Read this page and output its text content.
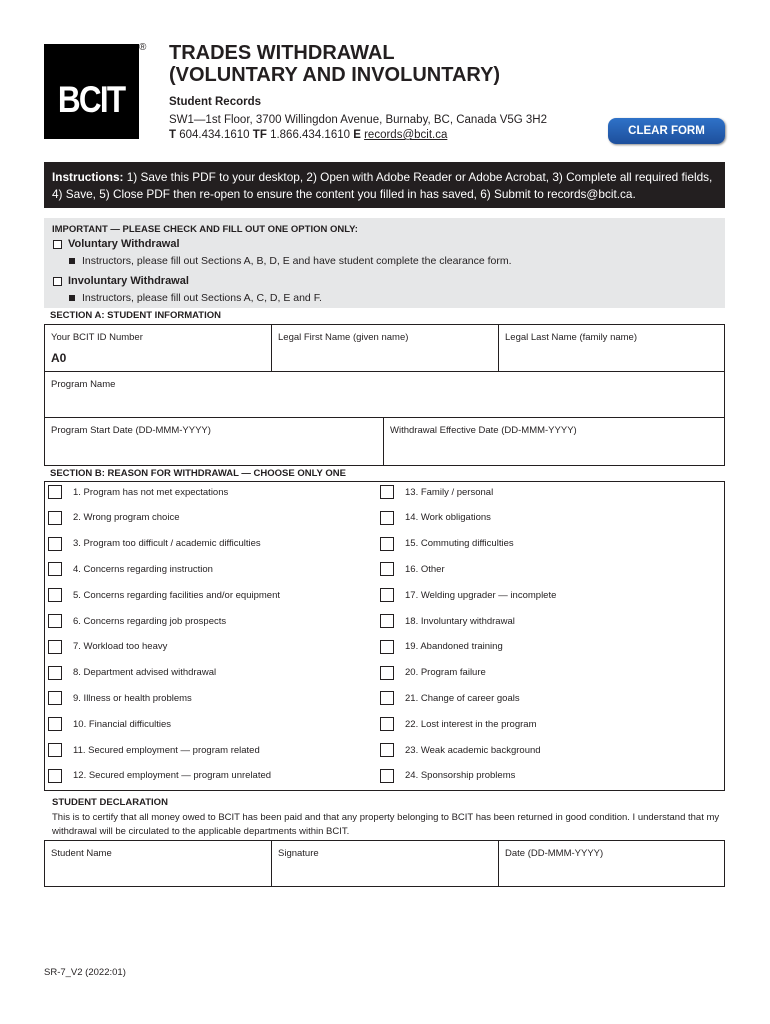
BCIT
® TRADES WITHDRAWAL
(VOLUNTARY AND INVOLUNTARY)
Student Records
SW1—1st Floor, 3700 Willingdon Avenue, Burnaby, BC, Canada V5G 3H2
T 604.434.1610 TF 1.866.434.1610 E records@bcit.ca	CLEAR FORM
Instructions: 1) Save this PDF to your desktop, 2) Open with Adobe Reader or Adobe Acrobat, 3) Complete all required fields,
4) Save, 5) Close PDF then re-open to ensure the content you filled in has saved, 6) Submit to records@bcit.ca.
IMPORTANT — PLEASE CHECK AND FILL OUT ONE OPTION ONLY:
Voluntary Withdrawal
Instructors, please fill out Sections A, B, D, E and have student complete the clearance form.
Involuntary Withdrawal
Instructors, please fill out Sections A, C, D, E and F.
SECTION A: STUDENT INFORMATION
Your BCIT ID Number	Legal First Name (given name)	Legal Last Name (family name)
A0
Program Name
Program Start Date (DD-MMM-YYYY)	Withdrawal Effective Date (DD-MMM-YYYY)
SECTION B: REASON FOR WITHDRAWAL — CHOOSE ONLY ONE
1. Program has not met expectations
2. Wrong program choice
3. Program too difficult / academic difficulties
4. Concerns regarding instruction
5. Concerns regarding facilities and/or equipment
6. Concerns regarding job prospects
7. Workload too heavy
8. Department advised withdrawal
9. Illness or health problems
10. Financial difficulties
11. Secured employment — program related
12. Secured employment — program unrelated
13. Family / personal
14. Work obligations
15. Commuting difficulties
16. Other
17. Welding upgrader — incomplete
18. Involuntary withdrawal
19. Abandoned training
20. Program failure
21. Change of career goals
22. Lost interest in the program
23. Weak academic background
24. Sponsorship problems
STUDENT DECLARATION
This is to certify that all money owed to BCIT has been paid and that any property belonging to BCIT has been returned in good condition. I understand that my withdrawal will be circulated to the applicable departments within BCIT.
Student Name	Signature	Date (DD-MMM-YYYY)
SR-7_V2 (2022:01)
